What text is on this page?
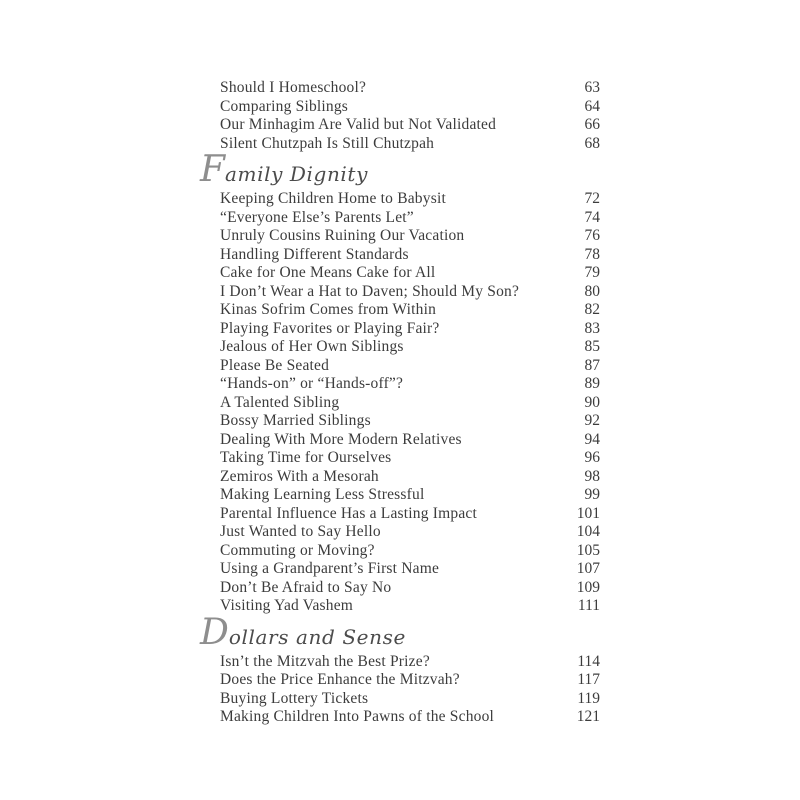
Should I Homeschool?	63
Comparing Siblings	64
Our Minhagim Are Valid but Not Validated	66
Silent Chutzpah Is Still Chutzpah	68
F amily Dignity
Keeping Children Home to Babysit	72
“Everyone Else’s Parents Let”	74
Unruly Cousins Ruining Our Vacation	76
Handling Different Standards	78
Cake for One Means Cake for All	79
I Don’t Wear a Hat to Daven; Should My Son?	80
Kinas Sofrim Comes from Within	82
Playing Favorites or Playing Fair?	83
Jealous of Her Own Siblings	85
Please Be Seated	87
“Hands-on” or “Hands-off”?	89
A Talented Sibling	90
Bossy Married Siblings	92
Dealing With More Modern Relatives	94
Taking Time for Ourselves	96
Zemiros With a Mesorah	98
Making Learning Less Stressful	99
Parental Influence Has a Lasting Impact	101
Just Wanted to Say Hello	104
Commuting or Moving?	105
Using a Grandparent’s First Name	107
Don’t Be Afraid to Say No	109
Visiting Yad Vashem	111
D ollars and Sense
Isn’t the Mitzvah the Best Prize?	114
Does the Price Enhance the Mitzvah?	117
Buying Lottery Tickets	119
Making Children Into Pawns of the School	121
